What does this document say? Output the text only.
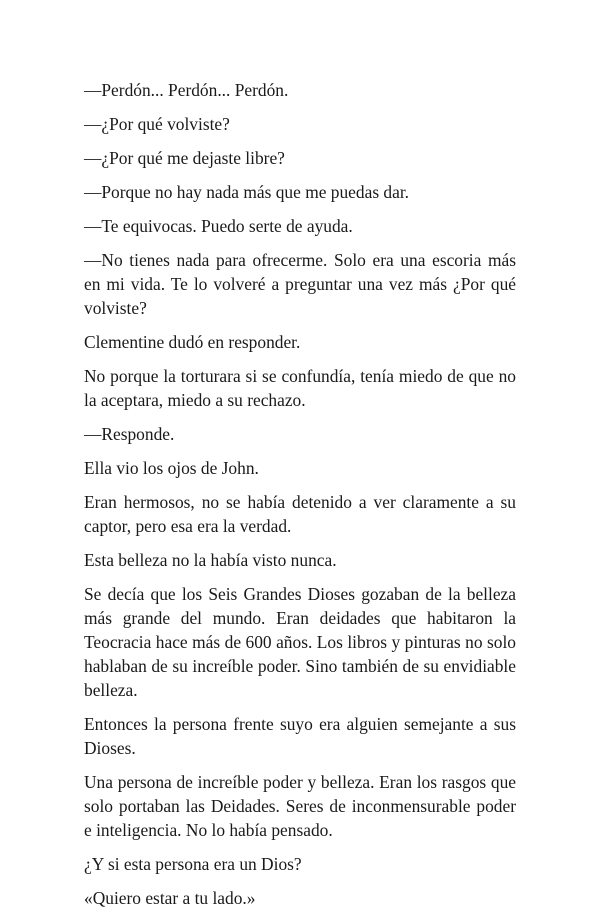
—Perdón... Perdón... Perdón.

—¿Por qué volviste?

—¿Por qué me dejaste libre?

—Porque no hay nada más que me puedas dar.

—Te equivocas. Puedo serte de ayuda.

—No tienes nada para ofrecerme. Solo era una escoria más en mi vida. Te lo volveré a preguntar una vez más ¿Por qué volviste?

Clementine dudó en responder.

No porque la torturara si se confundía, tenía miedo de que no la aceptara, miedo a su rechazo.

—Responde.

Ella vio los ojos de John.

Eran hermosos, no se había detenido a ver claramente a su captor, pero esa era la verdad.

Esta belleza no la había visto nunca.

Se decía que los Seis Grandes Dioses gozaban de la belleza más grande del mundo. Eran deidades que habitaron la Teocracia hace más de 600 años. Los libros y pinturas no solo hablaban de su increíble poder. Sino también de su envidiable belleza.

Entonces la persona frente suyo era alguien semejante a sus Dioses.

Una persona de increíble poder y belleza. Eran los rasgos que solo portaban las Deidades. Seres de inconmensurable poder e inteligencia. No lo había pensado.

¿Y si esta persona era un Dios?

«Quiero estar a tu lado.»
